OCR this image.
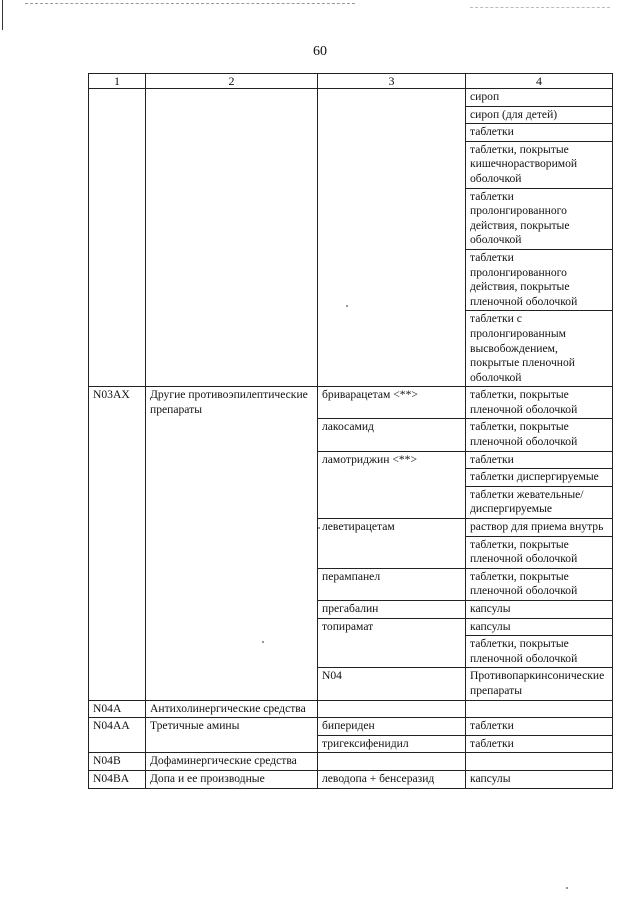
60
1	2	3	4	
			сироп	
			сироп (для детей)	
			таблетки	
			таблетки, покрытые кишечнорастворимой оболочкой	
			таблетки пролонгированного действия, покрытые оболочкой	
			таблетки пролонгированного действия, покрытые пленочной оболочкой	
			таблетки с пролонгированным высвобождением, покрытые пленочной оболочкой	
N03AX	Другие противоэпилептические препараты	бриварацетам <**>	таблетки, покрытые пленочной оболочкой	
		лакосамид	таблетки, покрытые пленочной оболочкой	
		ламотриджин <**>	таблетки	
			таблетки диспергируемые	
			таблетки жевательные/диспергируемые	
		леветирацетам	раствор для приема внутрь	
			таблетки, покрытые пленочной оболочкой	
		перампанел	таблетки, покрытые пленочной оболочкой	
		прегабалин	капсулы	
		топирамат	капсулы	
			таблетки, покрытые пленочной оболочкой	
		N04	Противопаркинсонические препараты		
N04A	Антихолинергические средства			
N04AA	Третичные амины	бипериден	таблетки	
		тригексифенидил	таблетки	
N04B	Дофаминергические средства			
N04BA	Допа и ее производные	леводопа + бенсеразид	капсулы	
